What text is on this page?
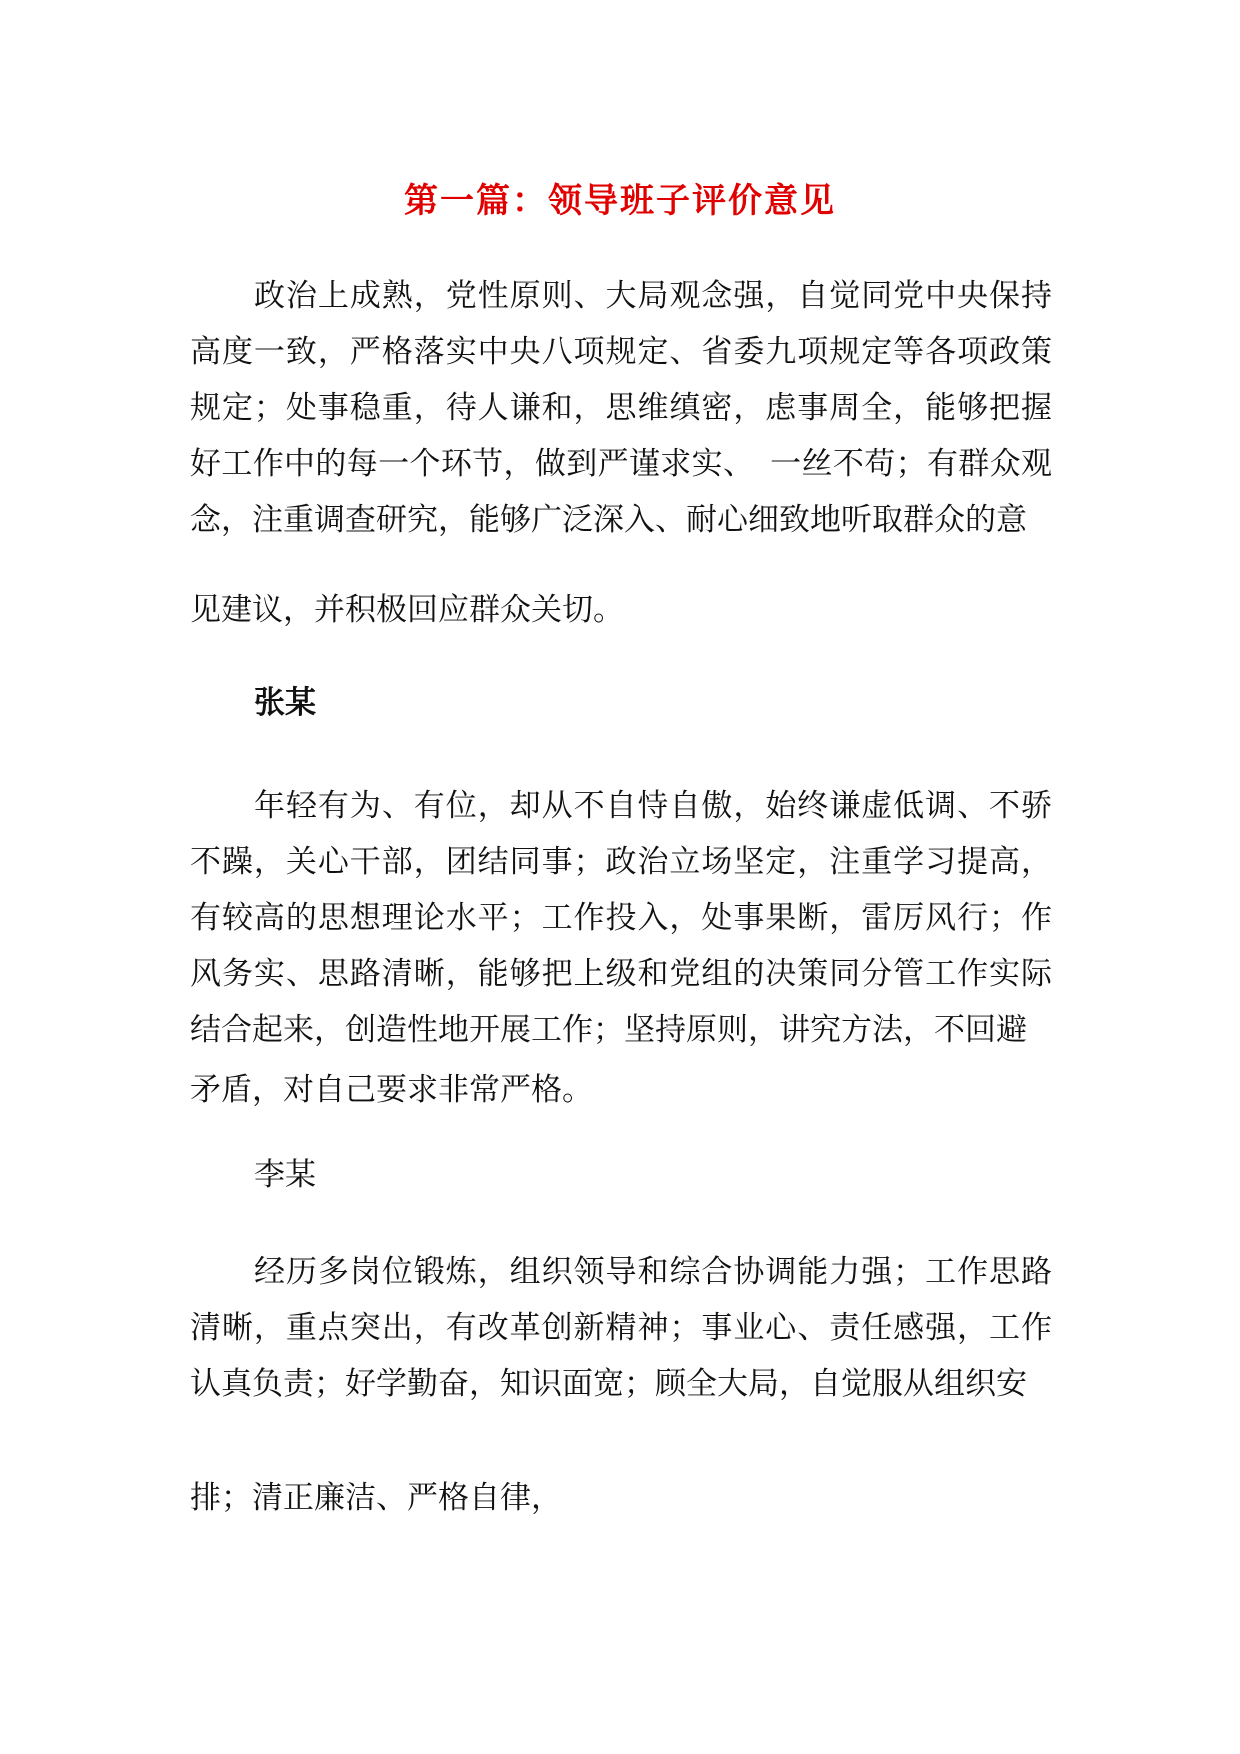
第一篇：领导班子评价意见

政治上成熟，党性原则、大局观念强，自觉同党中央保持高度一致，严格落实中央八项规定、省委九项规定等各项政策规定；处事稳重，待人谦和，思维缜密，虑事周全，能够把握好工作中的每一个环节，做到严谨求实、　一丝不苟；有群众观　念，注重调查研究，能够广泛深入、耐心细致地听取群众的意

见建议，并积极回应群众关切。

张某

年轻有为、有位，却从不自恃自傲，始终谦虚低调、不骄不躁，关心干部，团结同事；政治立场坚定，注重学习提高，有较高的思想理论水平；工作投入，处事果断，雷厉风行；作风务实、思路清晰，能够把上级和党组的决策同分管工作实际结合起来，创造性地开展工作；坚持原则，讲究方法，不回避

矛盾，对自己要求非常严格。

李某

经历多岗位锻炼，组织领导和综合协调能力强；工作思路清晰，重点突出，有改革创新精神；事业心、责任感强，工作　认真负责；好学勤奋，知识面宽；顾全大局，自觉服从组织安

排；清正廉洁、严格自律，
